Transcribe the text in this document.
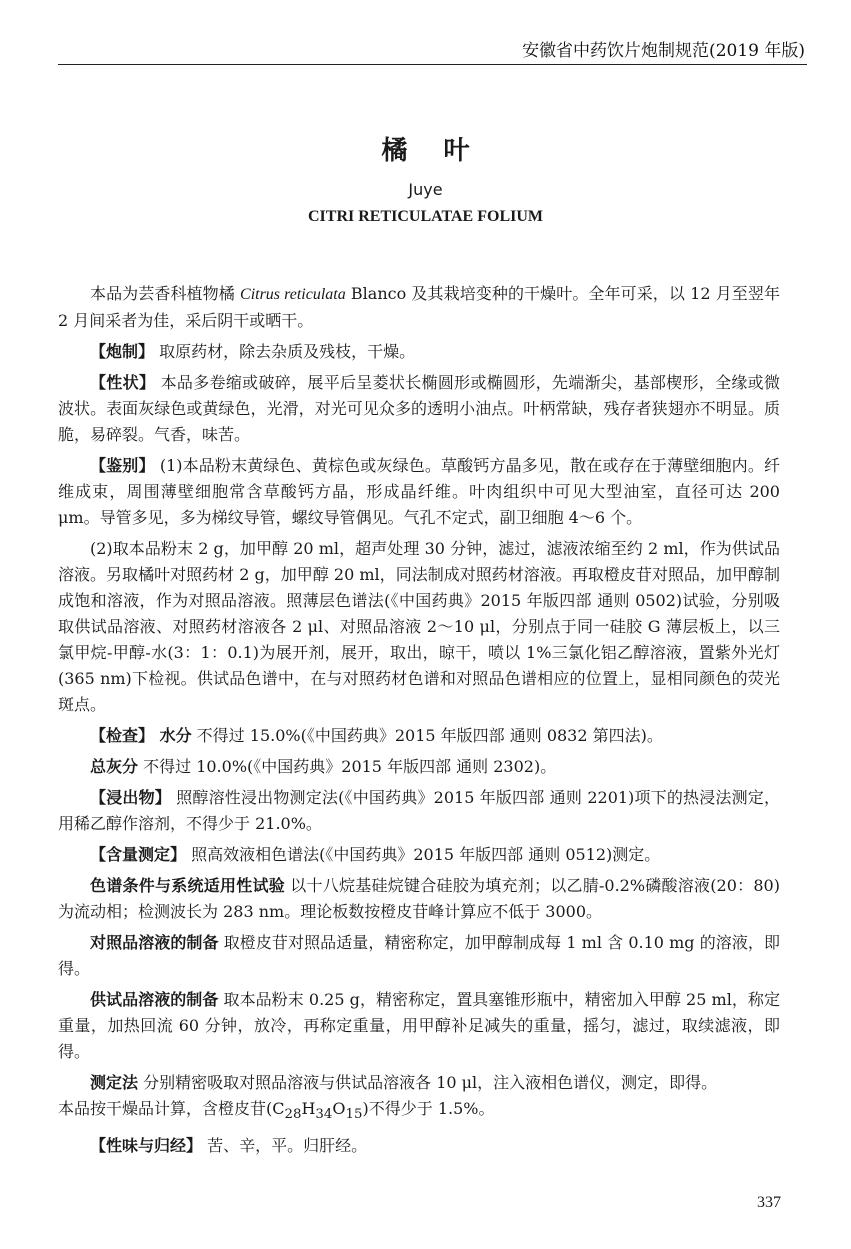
安徽省中药饮片炮制规范(2019 年版)
橘叶
Juye
CITRI RETICULATAE FOLIUM

本品为芸香科植物橘 Citrus reticulata Blanco 及其栽培变种的干燥叶。全年可采，以 12 月至翌年 2 月间采者为佳，采后阴干或晒干。

【炮制】 取原药材，除去杂质及残枝，干燥。

【性状】 本品多卷缩或破碎，展平后呈菱状长椭圆形或椭圆形，先端渐尖，基部楔形，全缘或微波状。表面灰绿色或黄绿色，光滑，对光可见众多的透明小油点。叶柄常缺，残存者狭翅亦不明显。质脆，易碎裂。气香，味苦。

【鉴别】 (1)本品粉末黄绿色、黄棕色或灰绿色。草酸钙方晶多见，散在或存在于薄壁细胞内。纤维成束，周围薄壁细胞常含草酸钙方晶，形成晶纤维。叶肉组织中可见大型油室，直径可达 200 μm。导管多见，多为梯纹导管，螺纹导管偶见。气孔不定式，副卫细胞 4～6 个。

(2)取本品粉末 2 g，加甲醇 20 ml，超声处理 30 分钟，滤过，滤液浓缩至约 2 ml，作为供试品溶液。另取橘叶对照药材 2 g，加甲醇 20 ml，同法制成对照药材溶液。再取橙皮苷对照品，加甲醇制成饱和溶液，作为对照品溶液。照薄层色谱法(《中国药典》2015 年版四部 通则 0502)试验，分别吸取供试品溶液、对照药材溶液各 2 μl、对照品溶液 2～10 μl，分别点于同一硅胶 G 薄层板上，以三氯甲烷-甲醇-水(3：1：0.1)为展开剂，展开，取出，晾干，喷以 1%三氯化铝乙醇溶液，置紫外光灯(365 nm)下检视。供试品色谱中，在与对照药材色谱和对照品色谱相应的位置上，显相同颜色的荧光斑点。

【检查】 水分 不得过 15.0%(《中国药典》2015 年版四部 通则 0832 第四法)。

总灰分 不得过 10.0%(《中国药典》2015 年版四部 通则 2302)。

【浸出物】 照醇溶性浸出物测定法(《中国药典》2015 年版四部 通则 2201)项下的热浸法测定，用稀乙醇作溶剂，不得少于 21.0%。

【含量测定】 照高效液相色谱法(《中国药典》2015 年版四部 通则 0512)测定。

色谱条件与系统适用性试验 以十八烷基硅烷键合硅胶为填充剂；以乙腈-0.2%磷酸溶液(20：80)为流动相；检测波长为 283 nm。理论板数按橙皮苷峰计算应不低于 3000。

对照品溶液的制备 取橙皮苷对照品适量，精密称定，加甲醇制成每 1 ml 含 0.10 mg 的溶液，即得。

供试品溶液的制备 取本品粉末 0.25 g，精密称定，置具塞锥形瓶中，精密加入甲醇 25 ml，称定重量，加热回流 60 分钟，放冷，再称定重量，用甲醇补足减失的重量，摇匀，滤过，取续滤液，即得。

测定法 分别精密吸取对照品溶液与供试品溶液各 10 μl，注入液相色谱仪，测定，即得。
本品按干燥品计算，含橙皮苷$(C_{28}H_{34}O_{15})$不得少于 1.5%。

【性味与归经】 苦、辛，平。归肝经。

337
